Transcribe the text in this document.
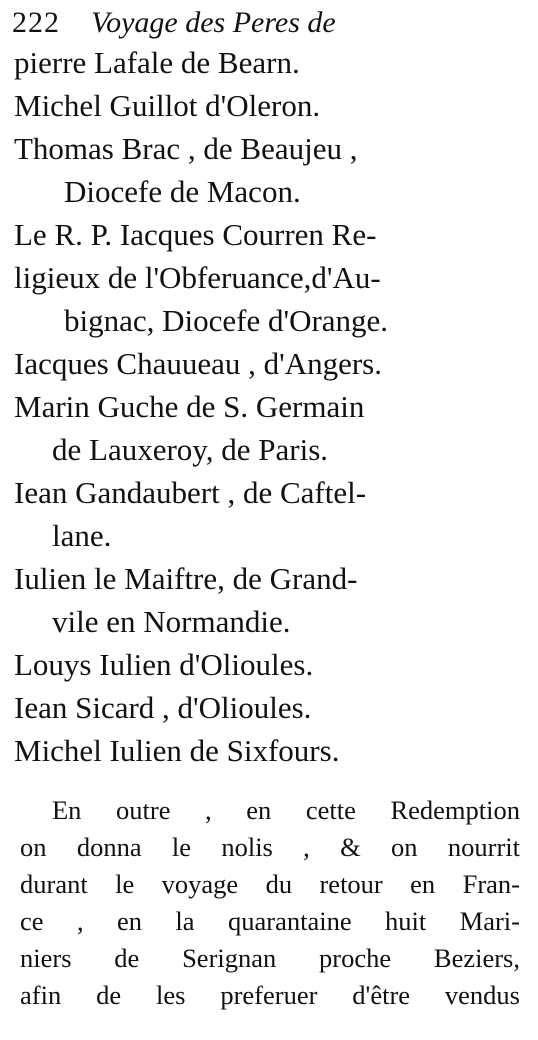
222 Voyage des Peres de
pierre Lafale de Bearn.
Michel Guillot d'Oleron.
Thomas Brac , de Beaujeu ,
Diocefe de Macon.
Le R. P. Iacques Courren Re-
ligieux de l'Obferuance,d'Au-
bignac, Diocefe d'Orange.
Iacques Chauueau , d'Angers.
Marin Guche de S. Germain
de Lauxeroy, de Paris.
Iean Gandaubert , de Caftel-
lane.
Iulien le Maiftre, de Grand-
vile en Normandie.
Louys Iulien d'Olioules.
Iean Sicard , d'Olioules.
Michel Iulien de Sixfours.
En outre , en cette Redemption
on donna le nolis , & on nourrit
durant le voyage du retour en Fran-
ce , en la quarantaine huit Mari-
niers de Serignan proche Beziers,
afin de les preferuer d'être vendus
